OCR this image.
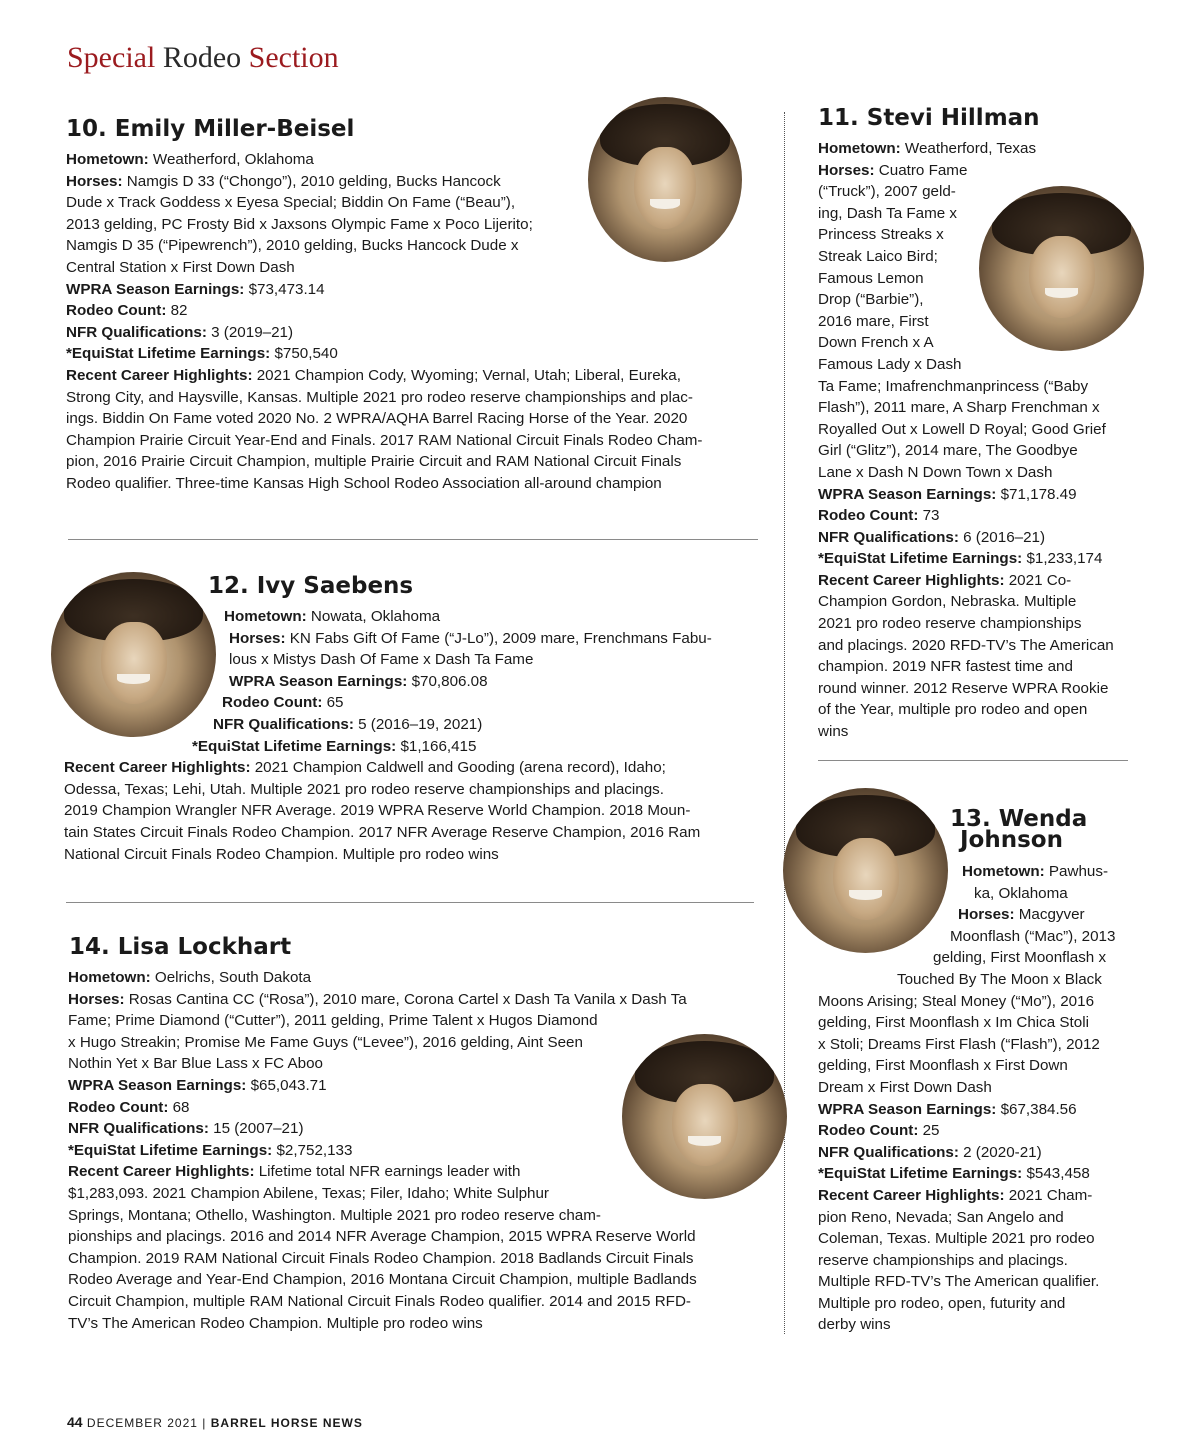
Special Rodeo Section
10. Emily Miller-Beisel
Hometown: Weatherford, Oklahoma
Horses: Namgis D 33 (“Chongo”), 2010 gelding, Bucks Hancock
Dude x Track Goddess x Eyesa Special; Biddin On Fame (“Beau”),
2013 gelding, PC Frosty Bid x Jaxsons Olympic Fame x Poco Lijerito;
Namgis D 35 (“Pipewrench”), 2010 gelding, Bucks Hancock Dude x
Central Station x First Down Dash
WPRA Season Earnings: $73,473.14
Rodeo Count: 82
NFR Qualifications: 3 (2019–21)
*EquiStat Lifetime Earnings: $750,540
Recent Career Highlights: 2021 Champion Cody, Wyoming; Vernal, Utah; Liberal, Eureka,
Strong City, and Haysville, Kansas. Multiple 2021 pro rodeo reserve championships and plac-
ings. Biddin On Fame voted 2020 No. 2 WPRA/AQHA Barrel Racing Horse of the Year. 2020
Champion Prairie Circuit Year-End and Finals. 2017 RAM National Circuit Finals Rodeo Cham-
pion, 2016 Prairie Circuit Champion, multiple Prairie Circuit and RAM National Circuit Finals
Rodeo qualifier. Three-time Kansas High School Rodeo Association all-around champion
11. Stevi Hillman
Hometown: Weatherford, Texas
Horses: Cuatro Fame
(“Truck”), 2007 geld-
ing, Dash Ta Fame x
Princess Streaks x
Streak Laico Bird;
Famous Lemon
Drop (“Barbie”),
2016 mare, First
Down French x A
Famous Lady x Dash
Ta Fame; Imafrenchmanprincess (“Baby
Flash”), 2011 mare, A Sharp Frenchman x
Royalled Out x Lowell D Royal; Good Grief
Girl (“Glitz”), 2014 mare, The Goodbye
Lane x Dash N Down Town x Dash
WPRA Season Earnings: $71,178.49
Rodeo Count: 73
NFR Qualifications: 6 (2016–21)
*EquiStat Lifetime Earnings: $1,233,174
Recent Career Highlights: 2021 Co-
Champion Gordon, Nebraska. Multiple
2021 pro rodeo reserve championships
and placings. 2020 RFD-TV’s The American
champion. 2019 NFR fastest time and
round winner. 2012 Reserve WPRA Rookie
of the Year, multiple pro rodeo and open
wins
12. Ivy Saebens
Hometown: Nowata, Oklahoma
Horses: KN Fabs Gift Of Fame (“J-Lo”), 2009 mare, Frenchmans Fabu-
lous x Mistys Dash Of Fame x Dash Ta Fame
WPRA Season Earnings: $70,806.08
Rodeo Count: 65
NFR Qualifications: 5 (2016–19, 2021)
*EquiStat Lifetime Earnings: $1,166,415
Recent Career Highlights: 2021 Champion Caldwell and Gooding (arena record), Idaho;
Odessa, Texas; Lehi, Utah. Multiple 2021 pro rodeo reserve championships and placings.
2019 Champion Wrangler NFR Average. 2019 WPRA Reserve World Champion. 2018 Moun-
tain States Circuit Finals Rodeo Champion. 2017 NFR Average Reserve Champion, 2016 Ram
National Circuit Finals Rodeo Champion. Multiple pro rodeo wins
13. Wenda
Johnson
Hometown: Pawhus-
ka, Oklahoma
Horses: Macgyver
Moonflash (“Mac”), 2013
gelding, First Moonflash x
Touched By The Moon x Black
Moons Arising; Steal Money (“Mo”), 2016
gelding, First Moonflash x Im Chica Stoli
x Stoli; Dreams First Flash (“Flash”), 2012
gelding, First Moonflash x First Down
Dream x First Down Dash
WPRA Season Earnings: $67,384.56
Rodeo Count: 25
NFR Qualifications: 2 (2020-21)
*EquiStat Lifetime Earnings: $543,458
Recent Career Highlights: 2021 Cham-
pion Reno, Nevada; San Angelo and
Coleman, Texas. Multiple 2021 pro rodeo
reserve championships and placings.
Multiple RFD-TV’s The American qualifier.
Multiple pro rodeo, open, futurity and
derby wins
14. Lisa Lockhart
Hometown: Oelrichs, South Dakota
Horses: Rosas Cantina CC (“Rosa”), 2010 mare, Corona Cartel x Dash Ta Vanila x Dash Ta
Fame; Prime Diamond (“Cutter”), 2011 gelding, Prime Talent x Hugos Diamond
x Hugo Streakin; Promise Me Fame Guys (“Levee”), 2016 gelding, Aint Seen
Nothin Yet x Bar Blue Lass x FC Aboo
WPRA Season Earnings: $65,043.71
Rodeo Count: 68
NFR Qualifications: 15 (2007–21)
*EquiStat Lifetime Earnings: $2,752,133
Recent Career Highlights: Lifetime total NFR earnings leader with
$1,283,093. 2021 Champion Abilene, Texas; Filer, Idaho; White Sulphur
Springs, Montana; Othello, Washington. Multiple 2021 pro rodeo reserve cham-
pionships and placings. 2016 and 2014 NFR Average Champion, 2015 WPRA Reserve World
Champion. 2019 RAM National Circuit Finals Rodeo Champion. 2018 Badlands Circuit Finals
Rodeo Average and Year-End Champion, 2016 Montana Circuit Champion, multiple Badlands
Circuit Champion, multiple RAM National Circuit Finals Rodeo qualifier. 2014 and 2015 RFD-
TV’s The American Rodeo Champion. Multiple pro rodeo wins
44 DECEMBER 2021 | BARREL HORSE NEWS
